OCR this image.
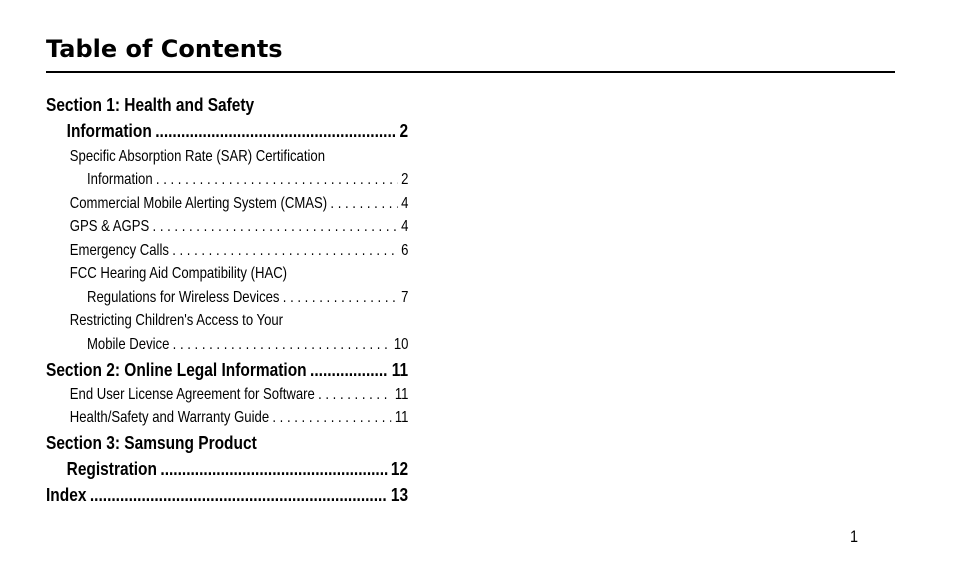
Table of Contents
Section 1: Health and Safety
Information .....	2
Specific Absorption Rate (SAR) Certification
Information . . .	2
Commercial Mobile Alerting System (CMAS) . . .	4
GPS & AGPS . . .	4
Emergency Calls . . .	6
FCC Hearing Aid Compatibility (HAC)
Regulations for Wireless Devices . . .	7
Restricting Children's Access to Your
Mobile Device . . .	10
Section 2: Online Legal Information .....	11
End User License Agreement for Software . . .	11
Health/Safety and Warranty Guide . . .	11
Section 3: Samsung Product
Registration .....	12
Index .....	13
1
